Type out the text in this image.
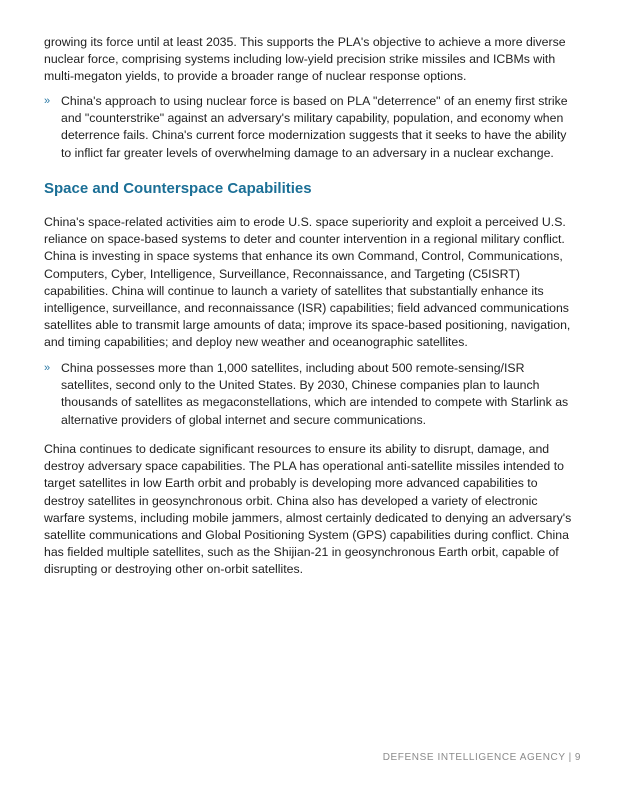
growing its force until at least 2035. This supports the PLA's objective to achieve a more diverse nuclear force, comprising systems including low-yield precision strike missiles and ICBMs with multi-megaton yields, to provide a broader range of nuclear response options.

» China's approach to using nuclear force is based on PLA "deterrence" of an enemy first strike and "counterstrike" against an adversary's military capability, population, and economy when deterrence fails. China's current force modernization suggests that it seeks to have the ability to inflict far greater levels of overwhelming damage to an adversary in a nuclear exchange.
Space and Counterspace Capabilities

China's space-related activities aim to erode U.S. space superiority and exploit a perceived U.S. reliance on space-based systems to deter and counter intervention in a regional military conflict. China is investing in space systems that enhance its own Command, Control, Communications, Computers, Cyber, Intelligence, Surveillance, Reconnaissance, and Targeting (C5ISRT) capabilities. China will continue to launch a variety of satellites that substantially enhance its intelligence, surveillance, and reconnaissance (ISR) capabilities; field advanced communications satellites able to transmit large amounts of data; improve its space-based positioning, navigation, and timing capabilities; and deploy new weather and oceanographic satellites.

» China possesses more than 1,000 satellites, including about 500 remote-sensing/ISR satellites, second only to the United States. By 2030, Chinese companies plan to launch thousands of satellites as megaconstellations, which are intended to compete with Starlink as alternative providers of global internet and secure communications.

China continues to dedicate significant resources to ensure its ability to disrupt, damage, and destroy adversary space capabilities. The PLA has operational anti-satellite missiles intended to target satellites in low Earth orbit and probably is developing more advanced capabilities to destroy satellites in geosynchronous orbit. China also has developed a variety of electronic warfare systems, including mobile jammers, almost certainly dedicated to denying an adversary's satellite communications and Global Positioning System (GPS) capabilities during conflict. China has fielded multiple satellites, such as the Shijian-21 in geosynchronous Earth orbit, capable of disrupting or destroying other on-orbit satellites.

DEFENSE INTELLIGENCE AGENCY | 9
